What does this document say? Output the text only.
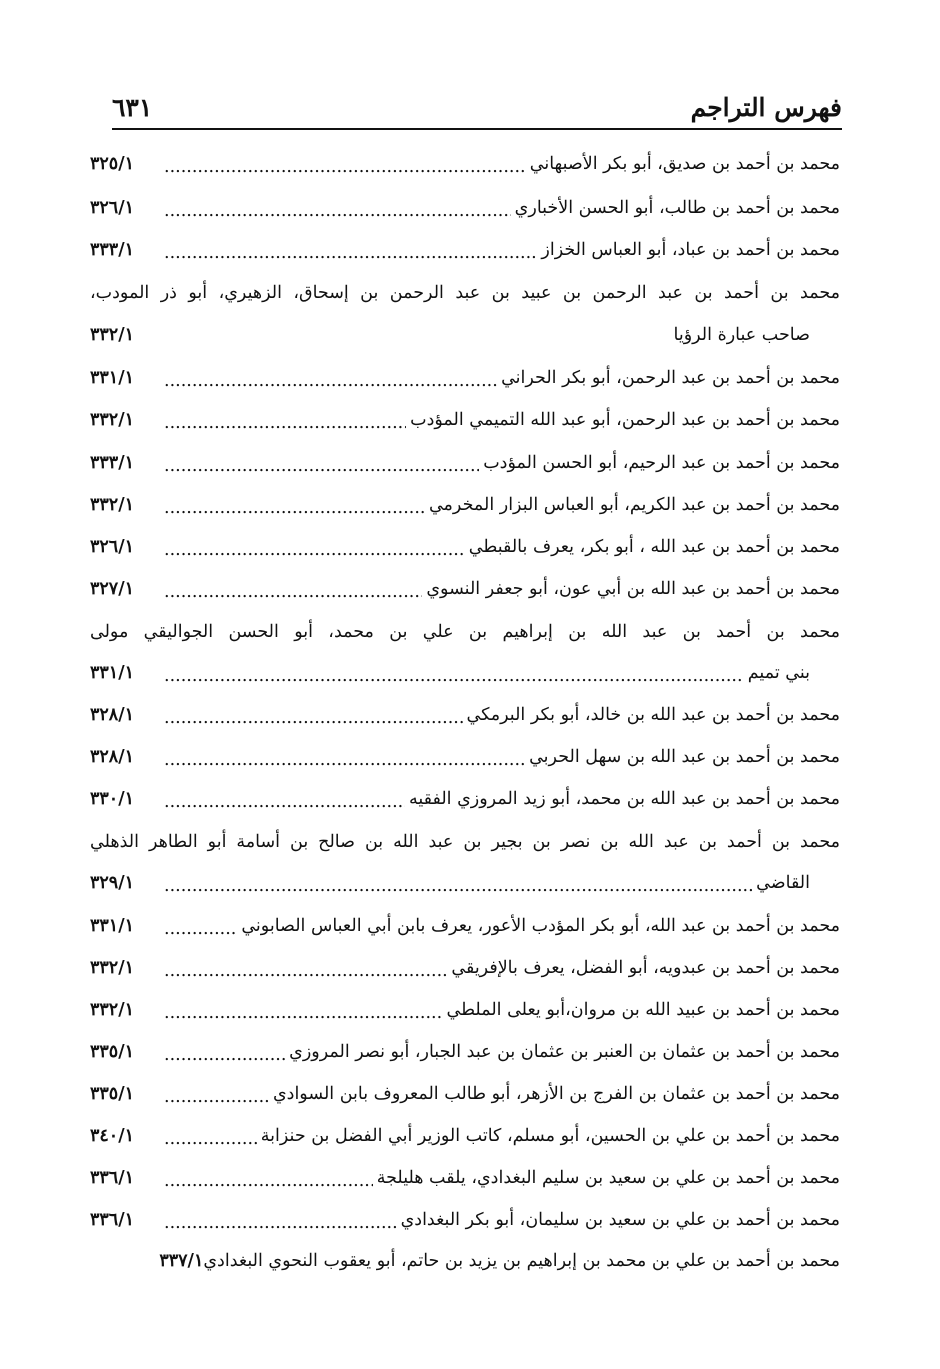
فهرس التراجم
٦٣١
محمد بن أحمد بن صديق، أبو بكر الأصبهاني
.....
٣٢٥/١
محمد بن أحمد بن طالب، أبو الحسن الأخباري
.....
٣٢٦/١
محمد بن أحمد بن عباد، أبو العباس الخزاز
.....
٣٣٣/١
محمد بن أحمد بن عبد الرحمن بن عبيد بن عبد الرحمن بن إسحاق، الزهيري، أبو ذر المودب،
صاحب عبارة الرؤيا
٣٣٢/١
محمد بن أحمد بن عبد الرحمن، أبو بكر الحراني
.....
٣٣١/١
محمد بن أحمد بن عبد الرحمن، أبو عبد الله التميمي المؤدب
.....
٣٣٢/١
محمد بن أحمد بن عبد الرحيم، أبو الحسن المؤدب
.....
٣٣٣/١
محمد بن أحمد بن عبد الكريم، أبو العباس البزار المخرمي
.....
٣٣٢/١
محمد بن أحمد بن عبد الله ، أبو بكر، يعرف بالقبطي
.....
٣٢٦/١
محمد بن أحمد بن عبد الله بن أبي عون، أبو جعفر النسوي
.....
٣٢٧/١
محمد بن أحمد بن عبد الله بن إبراهيم بن علي بن محمد، أبو الحسن الجواليقي مولى
بني تميم
.....
٣٣١/١
محمد بن أحمد بن عبد الله بن خالد، أبو بكر البرمكي
.....
٣٢٨/١
محمد بن أحمد بن عبد الله بن سهل الحربي
.....
٣٢٨/١
محمد بن أحمد بن عبد الله بن محمد، أبو زيد المروزي الفقيه
.....
٣٣٠/١
محمد بن أحمد بن عبد الله بن نصر بن بجير بن عبد الله بن صالح بن أسامة أبو الطاهر الذهلي
القاضي
.....
٣٢٩/١
محمد بن أحمد بن عبد الله، أبو بكر المؤدب الأعور، يعرف بابن أبي العباس الصابوني
.....
٣٣١/١
محمد بن أحمد بن عبدويه، أبو الفضل، يعرف بالإفريقي
.....
٣٣٢/١
محمد بن أحمد بن عبيد الله بن مروان،أبو يعلى الملطي
.....
٣٣٢/١
محمد بن أحمد بن عثمان بن العنبر بن عثمان بن عبد الجبار، أبو نصر المروزي
.....
٣٣٥/١
محمد بن أحمد بن عثمان بن الفرج بن الأزهر، أبو طالب المعروف بابن السوادي
.....
٣٣٥/١
محمد بن أحمد بن علي بن الحسين، أبو مسلم، كاتب الوزير أبي الفضل بن حنزابة
.....
٣٤٠/١
محمد بن أحمد بن علي بن سعيد بن سليم البغدادي، يلقب هليلجة
.....
٣٣٦/١
محمد بن أحمد بن علي بن سعيد بن سليمان، أبو بكر البغدادي
.....
٣٣٦/١
محمد بن أحمد بن علي بن محمد بن إبراهيم بن يزيد بن حاتم، أبو يعقوب النحوي البغدادي
٣٣٧/١
